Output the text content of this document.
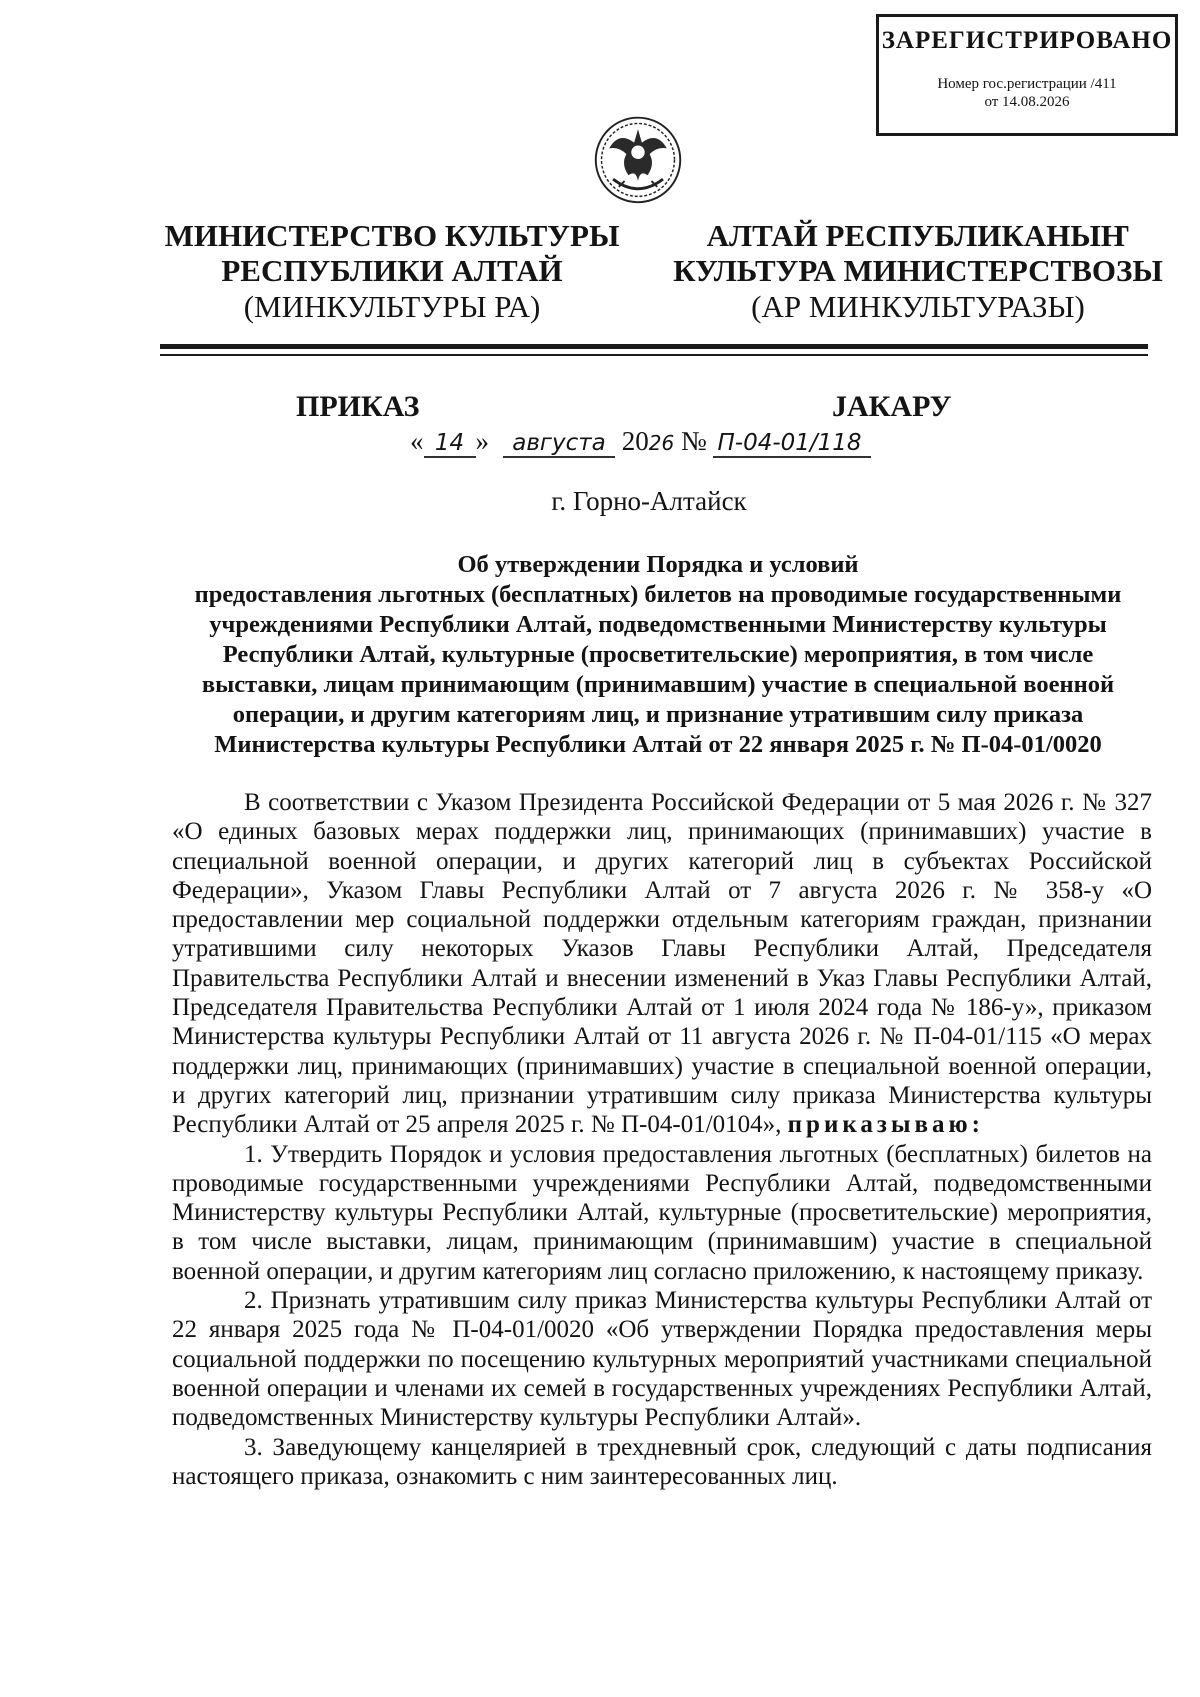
ЗАРЕГИСТРИРОВАНО
Номер гос.регистрации /411
от 14.08.2026
МИНИСТЕРСТВО КУЛЬТУРЫ
РЕСПУБЛИКИ АЛТАЙ
(МИНКУЛЬТУРЫ РА)
АЛТАЙ РЕСПУБЛИКАНЫҤ
КУЛЬТУРА МИНИСТЕРСТВОЗЫ
(АР МИНКУЛЬТУРАЗЫ)
ПРИКАЗ	ЈАКАРУ
« 14 » августа 2026 № П-04-01/118
г. Горно-Алтайск
Об утверждении Порядка и условий
предоставления льготных (бесплатных) билетов на проводимые государственными
учреждениями Республики Алтай, подведомственными Министерству культуры
Республики Алтай, культурные (просветительские) мероприятия, в том числе
выставки, лицам принимающим (принимавшим) участие в специальной военной
операции, и другим категориям лиц, и признание утратившим силу приказа
Министерства культуры Республики Алтай от 22 января 2025 г. № П-04-01/0020

В соответствии с Указом Президента Российской Федерации от 5 мая 2026 г. № 327 «О единых базовых мерах поддержки лиц, принимающих (принимавших) участие в специальной военной операции, и других категорий лиц в субъектах Российской Федерации», Указом Главы Республики Алтай от 7 августа 2026 г. № 358-у «О предоставлении мер социальной поддержки отдельным категориям граждан, признании утратившими силу некоторых Указов Главы Республики Алтай, Председателя Правительства Республики Алтай и внесении изменений в Указ Главы Республики Алтай, Председателя Правительства Республики Алтай от 1 июля 2024 года № 186-у», приказом Министерства культуры Республики Алтай от 11 августа 2026 г. № П-04-01/115 «О мерах поддержки лиц, принимающих (принимавших) участие в специальной военной операции, и других категорий лиц, признании утратившим силу приказа Министерства культуры Республики Алтай от 25 апреля 2025 г. № П-04-01/0104», приказываю:

1. Утвердить Порядок и условия предоставления льготных (бесплатных) билетов на проводимые государственными учреждениями Республики Алтай, подведомственными Министерству культуры Республики Алтай, культурные (просветительские) мероприятия, в том числе выставки, лицам, принимающим (принимавшим) участие в специальной военной операции, и другим категориям лиц согласно приложению, к настоящему приказу.

2. Признать утратившим силу приказ Министерства культуры Республики Алтай от 22 января 2025 года № П-04-01/0020 «Об утверждении Порядка предоставления меры социальной поддержки по посещению культурных мероприятий участниками специальной военной операции и членами их семей в государственных учреждениях Республики Алтай, подведомственных Министерству культуры Республики Алтай».

3. Заведующему канцелярией в трехдневный срок, следующий с даты подписания настоящего приказа, ознакомить с ним заинтересованных лиц.
